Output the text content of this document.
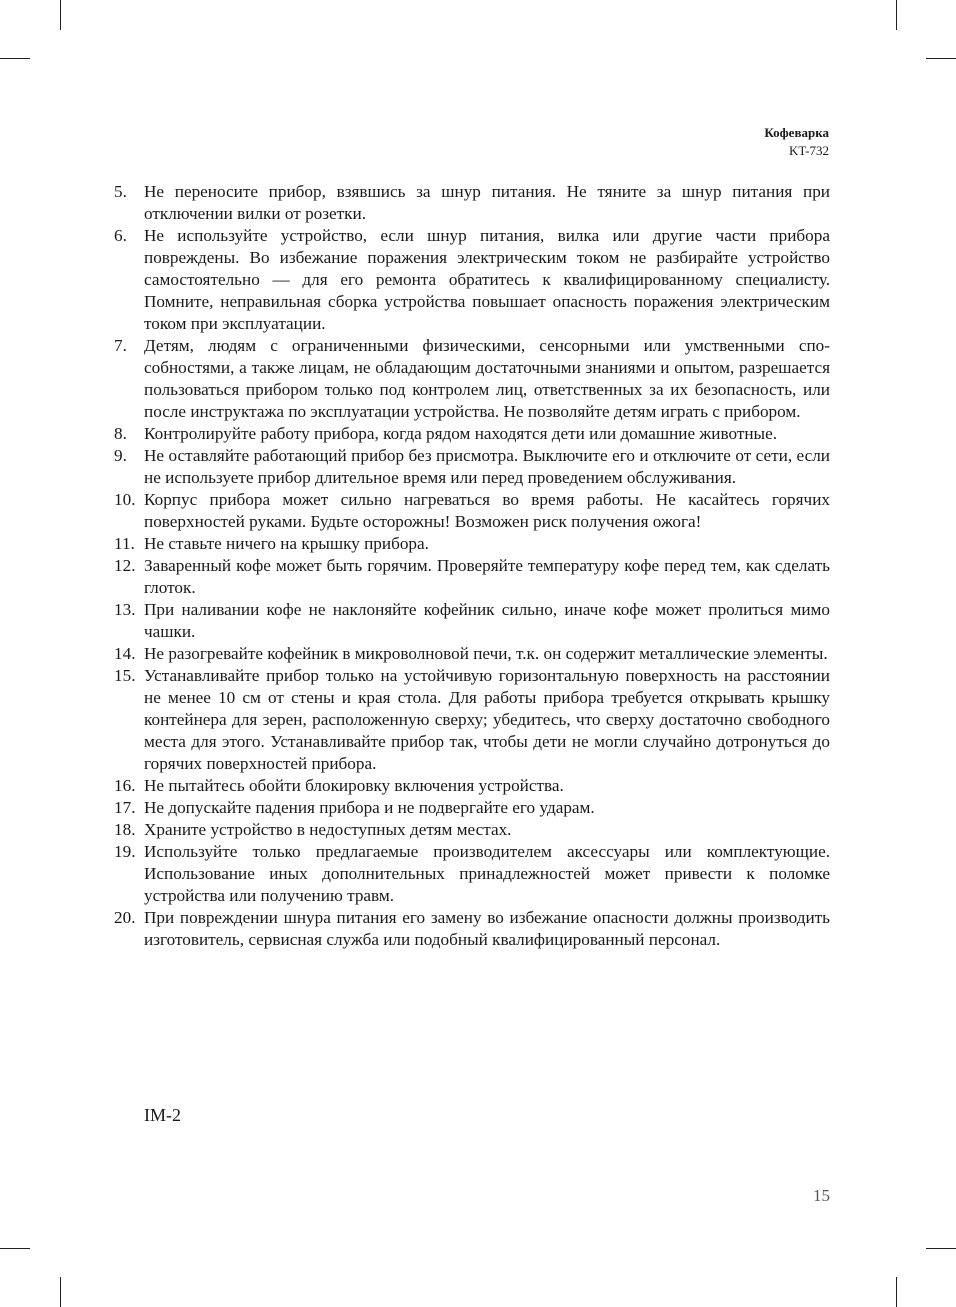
Кофеварка
KT-732
5. Не переносите прибор, взявшись за шнур питания. Не тяните за шнур питания при отключении вилки от розетки.
6. Не используйте устройство, если шнур питания, вилка или другие части прибора повреждены. Во избежание поражения электрическим током не разбирайте устройство самостоятельно — для его ремонта обратитесь к квалифицированному специалисту. Помните, неправильная сборка устройства повышает опасность поражения электрическим током при эксплуатации.
7. Детям, людям с ограниченными физическими, сенсорными или умственными способностями, а также лицам, не обладающим достаточными знаниями и опытом, разрешается пользоваться прибором только под контролем лиц, ответственных за их безопасность, или после инструктажа по эксплуатации устройства. Не позволяйте детям играть с прибором.
8. Контролируйте работу прибора, когда рядом находятся дети или домашние животные.
9. Не оставляйте работающий прибор без присмотра. Выключите его и отключите от сети, если не используете прибор длительное время или перед проведением обслуживания.
10. Корпус прибора может сильно нагреваться во время работы. Не касайтесь горячих поверхностей руками. Будьте осторожны! Возможен риск получения ожога!
11. Не ставьте ничего на крышку прибора.
12. Заваренный кофе может быть горячим. Проверяйте температуру кофе перед тем, как сделать глоток.
13. При наливании кофе не наклоняйте кофейник сильно, иначе кофе может пролиться мимо чашки.
14. Не разогревайте кофейник в микроволновой печи, т.к. он содержит металлические элементы.
15. Устанавливайте прибор только на устойчивую горизонтальную поверхность на расстоянии не менее 10 см от стены и края стола. Для работы прибора требуется открывать крышку контейнера для зерен, расположенную сверху; убедитесь, что сверху достаточно свободного места для этого. Устанавливайте прибор так, чтобы дети не могли случайно дотронуться до горячих поверхностей прибора.
16. Не пытайтесь обойти блокировку включения устройства.
17. Не допускайте падения прибора и не подвергайте его ударам.
18. Храните устройство в недоступных детям местах.
19. Используйте только предлагаемые производителем аксессуары или комплектующие. Использование иных дополнительных принадлежностей может привести к поломке устройства или получению травм.
20. При повреждении шнура питания его замену во избежание опасности должны производить изготовитель, сервисная служба или подобный квалифицированный персонал.
IM-2
15
